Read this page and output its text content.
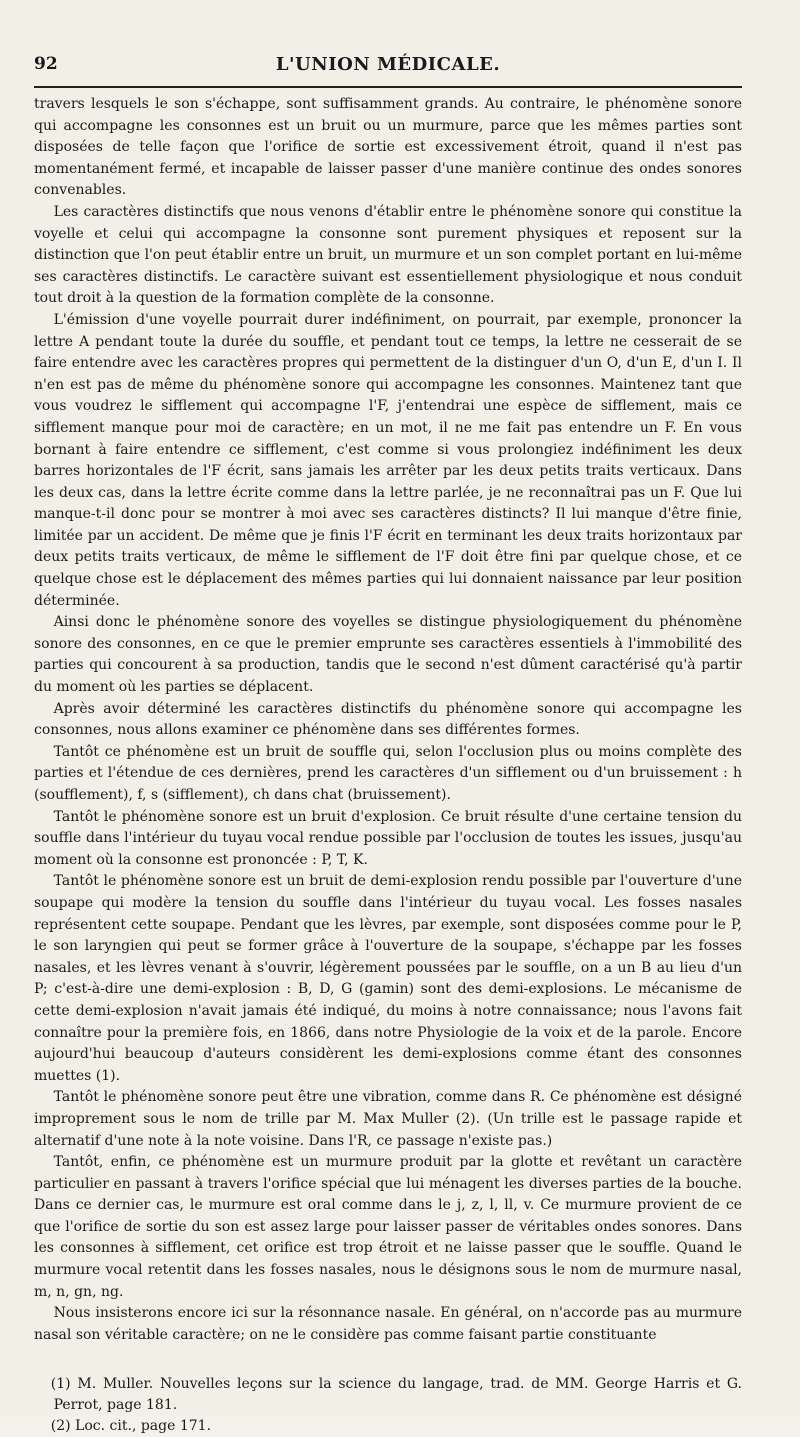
92	L'UNION MÉDICALE.

travers lesquels le son s'échappe, sont suffisamment grands. Au contraire, le phénomène sonore qui accompagne les consonnes est un bruit ou un murmure, parce que les mêmes parties sont disposées de telle façon que l'orifice de sortie est excessivement étroit, quand il n'est pas momentanément fermé, et incapable de laisser passer d'une manière continue des ondes sonores convenables.

Les caractères distinctifs que nous venons d'établir entre le phénomène sonore qui constitue la voyelle et celui qui accompagne la consonne sont purement physiques et reposent sur la distinction que l'on peut établir entre un bruit, un murmure et un son complet portant en lui-même ses caractères distinctifs. Le caractère suivant est essentiellement physiologique et nous conduit tout droit à la question de la formation complète de la consonne.

L'émission d'une voyelle pourrait durer indéfiniment, on pourrait, par exemple, prononcer la lettre A pendant toute la durée du souffle, et pendant tout ce temps, la lettre ne cesserait de se faire entendre avec les caractères propres qui permettent de la distinguer d'un O, d'un E, d'un I. Il n'en est pas de même du phénomène sonore qui accompagne les consonnes. Maintenez tant que vous voudrez le sifflement qui accompagne l'F, j'entendrai une espèce de sifflement, mais ce sifflement manque pour moi de caractère; en un mot, il ne me fait pas entendre un F. En vous bornant à faire entendre ce sifflement, c'est comme si vous prolongiez indéfiniment les deux barres horizontales de l'F écrit, sans jamais les arrêter par les deux petits traits verticaux. Dans les deux cas, dans la lettre écrite comme dans la lettre parlée, je ne reconnaîtrai pas un F. Que lui manque-t-il donc pour se montrer à moi avec ses caractères distincts? Il lui manque d'être finie, limitée par un accident. De même que je finis l'F écrit en terminant les deux traits horizontaux par deux petits traits verticaux, de même le sifflement de l'F doit être fini par quelque chose, et ce quelque chose est le déplacement des mêmes parties qui lui donnaient naissance par leur position déterminée.

Ainsi donc le phénomène sonore des voyelles se distingue physiologiquement du phénomène sonore des consonnes, en ce que le premier emprunte ses caractères essentiels à l'immobilité des parties qui concourent à sa production, tandis que le second n'est dûment caractérisé qu'à partir du moment où les parties se déplacent.

Après avoir déterminé les caractères distinctifs du phénomène sonore qui accompagne les consonnes, nous allons examiner ce phénomène dans ses différentes formes.

Tantôt ce phénomène est un bruit de souffle qui, selon l'occlusion plus ou moins complète des parties et l'étendue de ces dernières, prend les caractères d'un sifflement ou d'un bruissement : h (soufflement), f, s (sifflement), ch dans chat (bruissement).

Tantôt le phénomène sonore est un bruit d'explosion. Ce bruit résulte d'une certaine tension du souffle dans l'intérieur du tuyau vocal rendue possible par l'occlusion de toutes les issues, jusqu'au moment où la consonne est prononcée : P, T, K.

Tantôt le phénomène sonore est un bruit de demi-explosion rendu possible par l'ouverture d'une soupape qui modère la tension du souffle dans l'intérieur du tuyau vocal. Les fosses nasales représentent cette soupape. Pendant que les lèvres, par exemple, sont disposées comme pour le P, le son laryngien qui peut se former grâce à l'ouverture de la soupape, s'échappe par les fosses nasales, et les lèvres venant à s'ouvrir, légèrement poussées par le souffle, on a un B au lieu d'un P; c'est-à-dire une demi-explosion : B, D, G (gamin) sont des demi-explosions. Le mécanisme de cette demi-explosion n'avait jamais été indiqué, du moins à notre connaissance; nous l'avons fait connaître pour la première fois, en 1866, dans notre Physiologie de la voix et de la parole. Encore aujourd'hui beaucoup d'auteurs considèrent les demi-explosions comme étant des consonnes muettes (1).

Tantôt le phénomène sonore peut être une vibration, comme dans R. Ce phénomène est désigné improprement sous le nom de trille par M. Max Muller (2). (Un trille est le passage rapide et alternatif d'une note à la note voisine. Dans l'R, ce passage n'existe pas.)

Tantôt, enfin, ce phénomène est un murmure produit par la glotte et revêtant un caractère particulier en passant à travers l'orifice spécial que lui ménagent les diverses parties de la bouche. Dans ce dernier cas, le murmure est oral comme dans le j, z, l, ll, v. Ce murmure provient de ce que l'orifice de sortie du son est assez large pour laisser passer de véritables ondes sonores. Dans les consonnes à sifflement, cet orifice est trop étroit et ne laisse passer que le souffle. Quand le murmure vocal retentit dans les fosses nasales, nous le désignons sous le nom de murmure nasal, m, n, gn, ng.

Nous insisterons encore ici sur la résonnance nasale. En général, on n'accorde pas au murmure nasal son véritable caractère; on ne le considère pas comme faisant partie constituante

(1) M. Muller. Nouvelles leçons sur la science du langage, trad. de MM. George Harris et G. Perrot, page 181.

(2) Loc. cit., page 171.
